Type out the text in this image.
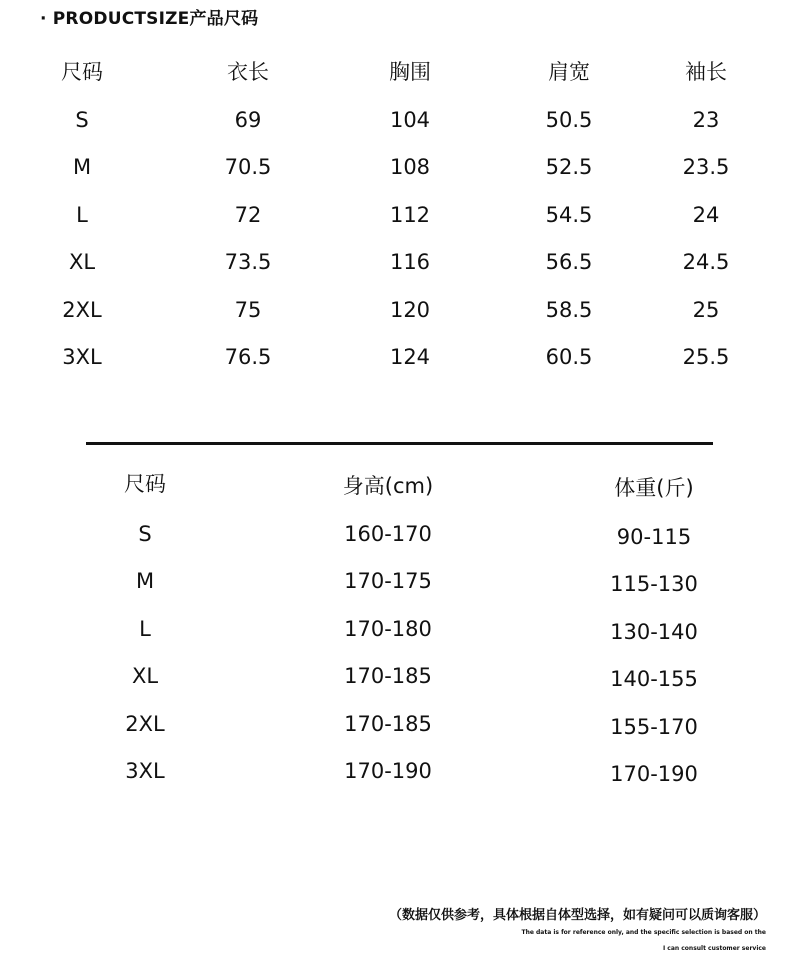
· PRODUCTSIZE产品尺码
尺码	衣长	胸围	肩宽	袖长
S	69	104	50.5	23
M	70.5	108	52.5	23.5
L	72	112	54.5	24
XL	73.5	116	56.5	24.5
2XL	75	120	58.5	25
3XL	76.5	124	60.5	25.5
尺码	身高(cm)	体重(斤)
S	160-170	90-115
M	170-175	115-130
L	170-180	130-140
XL	170-185	140-155
2XL	170-185	155-170
3XL	170-190	170-190
（数据仅供参考，具体根据自体型选择，如有疑问可以质询客服）
The data is for reference only, and the specific selection is based on the
I can consult customer service
